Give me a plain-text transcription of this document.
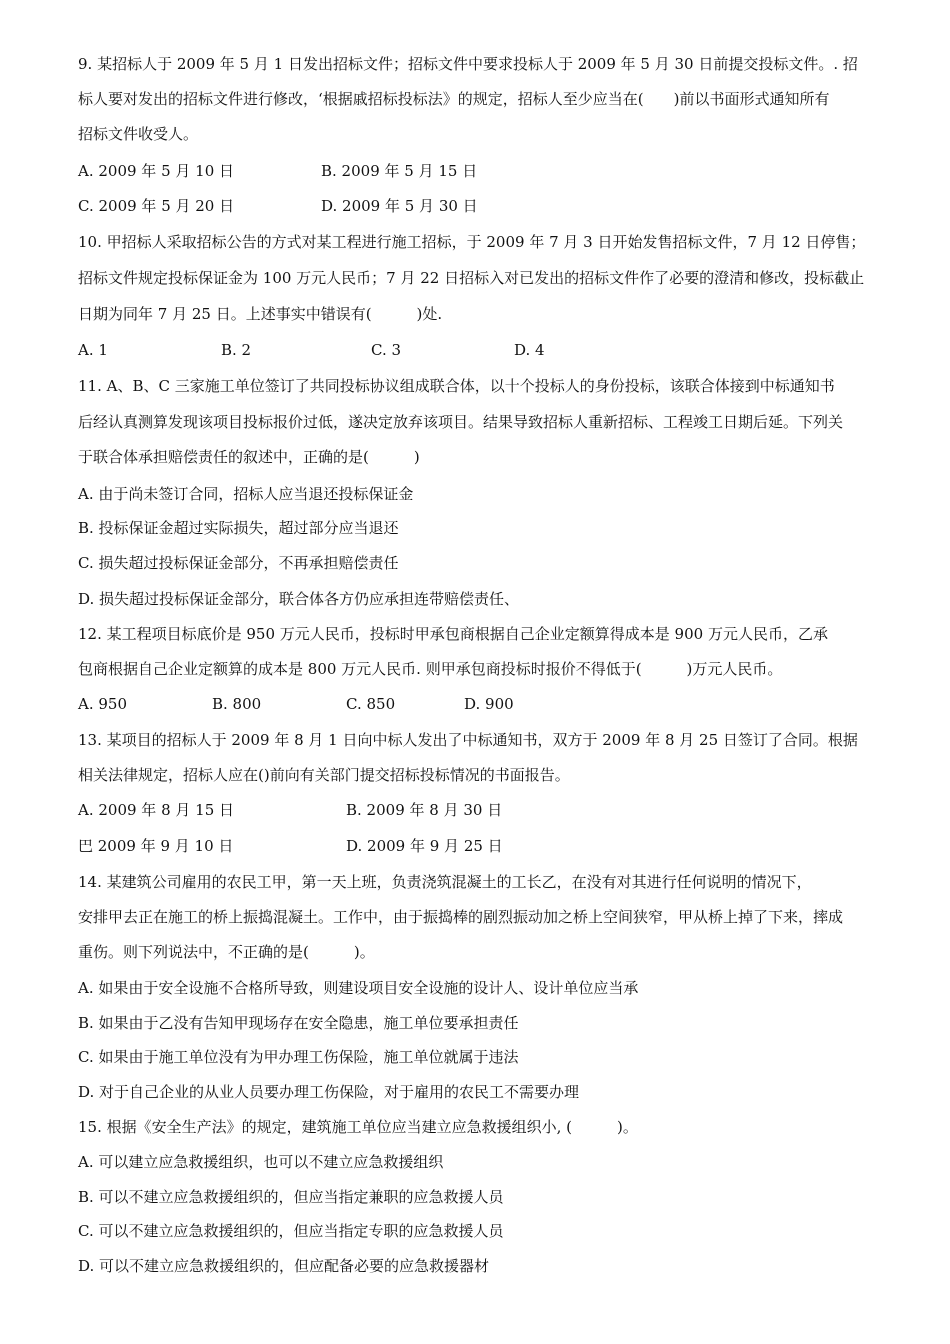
9. 某招标人于 2009 年 5 月 1 日发出招标文件；招标文件中要求投标人于 2009 年 5 月 30 日前提交投标文件。. 招
标人要对发出的招标文件进行修改，‘根据戚招标投标法》的规定，招标人至少应当在(　　)前以书面形式通知所有
招标文件收受人。
A. 2009 年 5 月 10 日	B. 2009 年 5 月 15 日
C. 2009 年 5 月 20 日	D. 2009 年 5 月 30 日
10. 甲招标人采取招标公告的方式对某工程进行施工招标，于 2009 年 7 月 3 日开始发售招标文件，7 月 12 日停售；
招标文件规定投标保证金为 100 万元人民币；7 月 22 日招标入对已发出的招标文件作了必要的澄清和修改，投标截止
日期为同年 7 月 25 日。上述事实中错误有(　　　)处.
A. 1	B. 2	C. 3	D. 4
11. A、B、C 三家施工单位签订了共同投标协议组成联合体，以十个投标人的身份投标，该联合体接到中标通知书
后经认真测算发现该项目投标报价过低，遂决定放弃该项目。结果导致招标人重新招标、工程竣工日期后延。下列关
于联合体承担赔偿责任的叙述中，正确的是(　　　)
A. 由于尚未签订合同，招标人应当退还投标保证金
B. 投标保证金超过实际损失，超过部分应当退还
C. 损失超过投标保证金部分，不再承担赔偿责任
D. 损失超过投标保证金部分，联合体各方仍应承担连带赔偿责任、
12. 某工程项目标底价是 950 万元人民币，投标时甲承包商根据自己企业定额算得成本是 900 万元人民币，乙承
包商根据自己企业定额算的成本是 800 万元人民币. 则甲承包商投标时报价不得低于(　　　)万元人民币。
A. 950	B. 800	C. 850	D. 900
13. 某项目的招标人于 2009 年 8 月 1 日向中标人发出了中标通知书，双方于 2009 年 8 月 25 日签订了合同。根据
相关法律规定，招标人应在()前向有关部门提交招标投标情况的书面报告。
A. 2009 年 8 月 15 日	B. 2009 年 8 月 30 日
巴 2009 年 9 月 10 日	D. 2009 年 9 月 25 日
14. 某建筑公司雇用的农民工甲，第一天上班，负责浇筑混凝土的工长乙，在没有对其进行任何说明的情况下，
安排甲去正在施工的桥上振捣混凝土。工作中，由于振捣棒的剧烈振动加之桥上空间狭窄，甲从桥上掉了下来，摔成
重伤。则下列说法中，不正确的是(　　　)。
A. 如果由于安全设施不合格所导致，则建设项目安全设施的设计人、设计单位应当承
B. 如果由于乙没有告知甲现场存在安全隐患，施工单位要承担责任
C. 如果由于施工单位没有为甲办理工伤保险，施工单位就属于违法
D. 对于自己企业的从业人员要办理工伤保险，对于雇用的农民工不需要办理
15. 根据《安全生产法》的规定，建筑施工单位应当建立应急救援组织小, (　　　)。
A. 可以建立应急救援组织，也可以不建立应急救援组织
B. 可以不建立应急救援组织的，但应当指定兼职的应急救援人员
C. 可以不建立应急救援组织的，但应当指定专职的应急救援人员
D. 可以不建立应急救援组织的，但应配备必要的应急救援器材
